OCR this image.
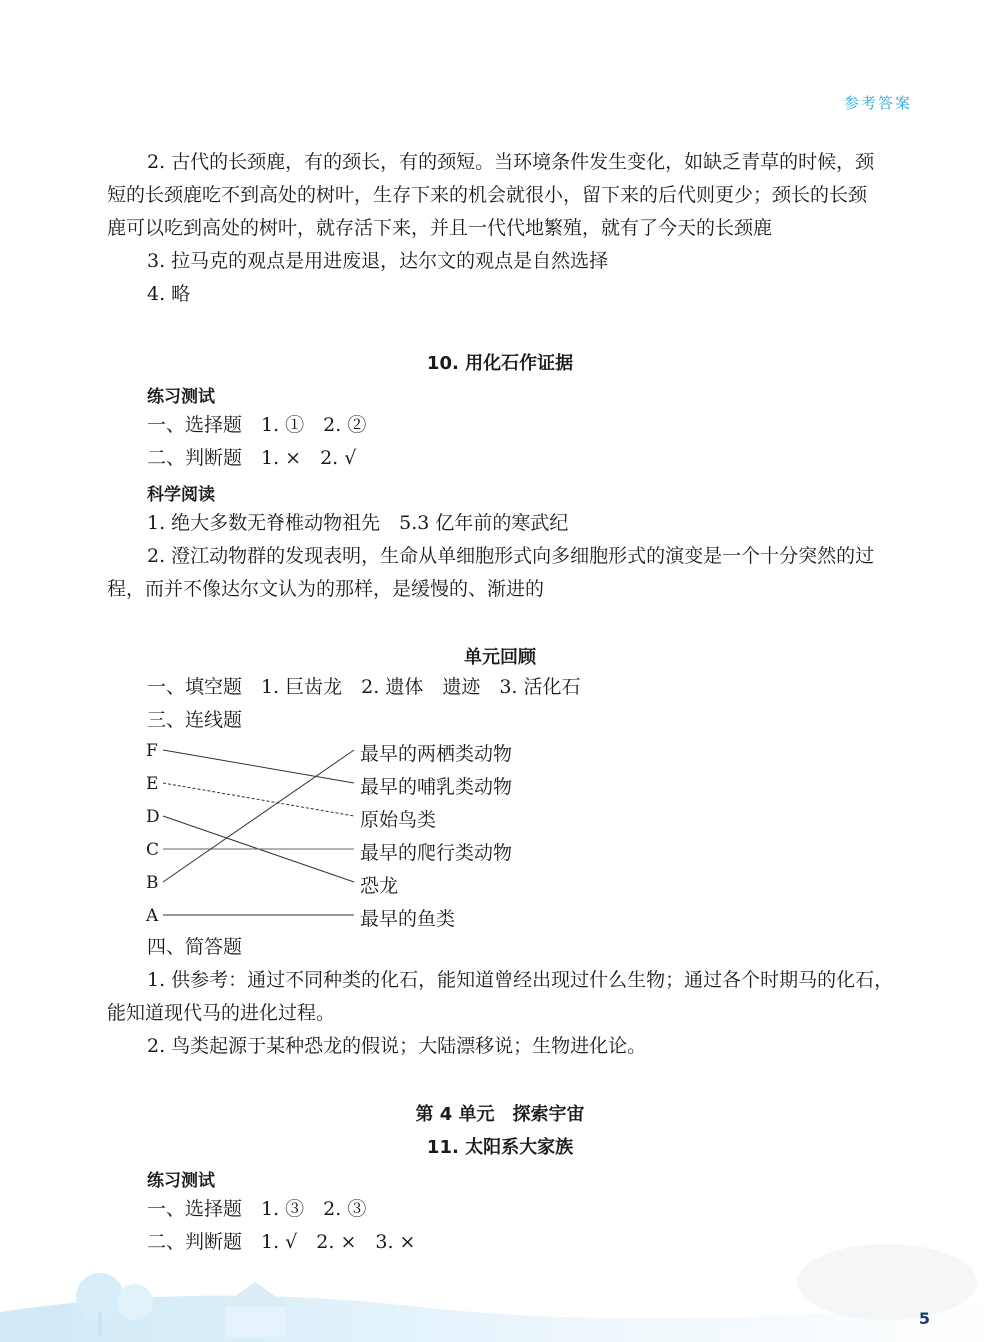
参考答案
2. 古代的长颈鹿，有的颈长，有的颈短。当环境条件发生变化，如缺乏青草的时候，颈
短的长颈鹿吃不到高处的树叶，生存下来的机会就很小，留下来的后代则更少；颈长的长颈
鹿可以吃到高处的树叶，就存活下来，并且一代代地繁殖，就有了今天的长颈鹿
3. 拉马克的观点是用进废退，达尔文的观点是自然选择
4. 略
10. 用化石作证据
练习测试
一、选择题　1. ①　2. ②
二、判断题　1. ×　2. √
科学阅读
1. 绝大多数无脊椎动物祖先　5.3 亿年前的寒武纪
2. 澄江动物群的发现表明，生命从单细胞形式向多细胞形式的演变是一个十分突然的过
程，而并不像达尔文认为的那样，是缓慢的、渐进的
单元回顾
一、填空题　1. 巨齿龙　2. 遗体　遗迹　3. 活化石
三、连线题
F
E
D
C
B
A
最早的两栖类动物
最早的哺乳类动物
原始鸟类
最早的爬行类动物
恐龙
最早的鱼类
四、简答题
1. 供参考：通过不同种类的化石，能知道曾经出现过什么生物；通过各个时期马的化石，
能知道现代马的进化过程。
2. 鸟类起源于某种恐龙的假说；大陆漂移说；生物进化论。
第 4 单元　探索宇宙
11. 太阳系大家族
练习测试
一、选择题　1. ③　2. ③
二、判断题　1. √　2. ×　3. ×
5
